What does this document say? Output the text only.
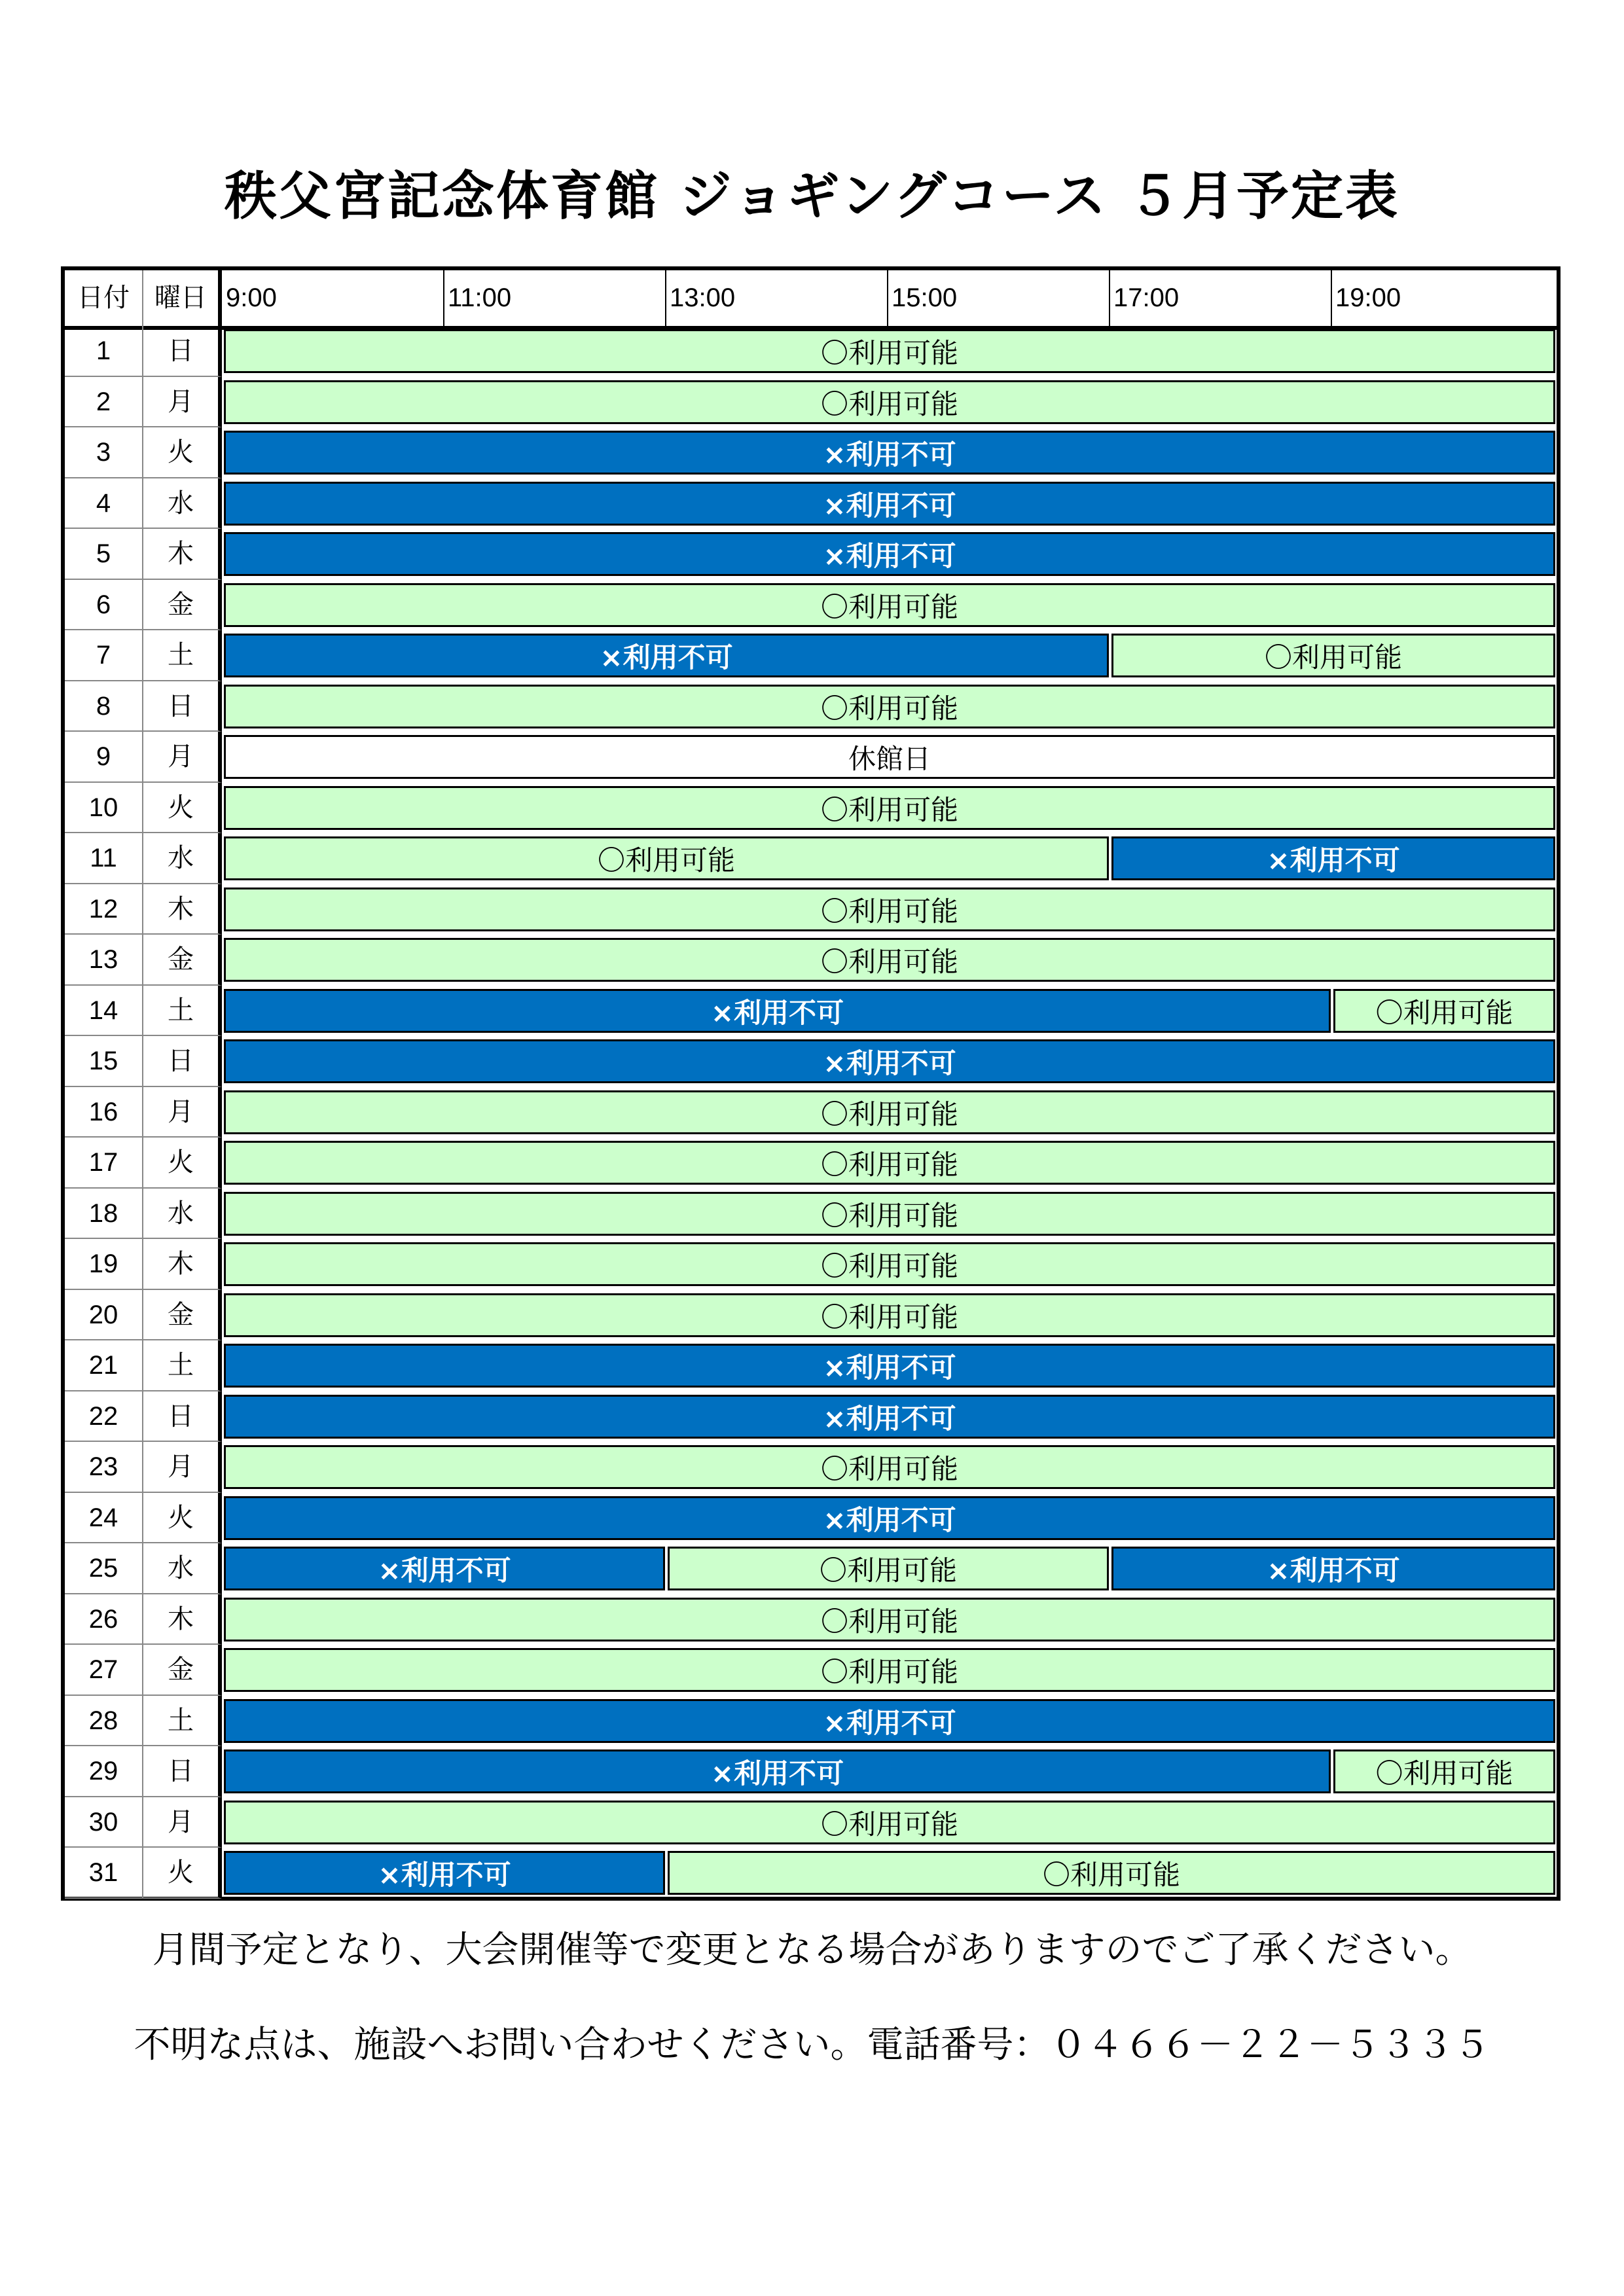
秩父宮記念体育館 ジョギングコース ５月予定表
日付 曜日 9:00	11:00	13:00	15:00	17:00	19:00
1	日	〇利用可能
2	月	〇利用可能
3	火	×利用不可
4	水	×利用不可
5	木	×利用不可
6	金	〇利用可能
7	土	×利用不可	〇利用可能
8	日	〇利用可能
9	月	休館日
10	火	〇利用可能
11	水	〇利用可能	×利用不可
12	木	〇利用可能
13	金	〇利用可能
14	土	×利用不可	〇利用可能
15	日	×利用不可
16	月	〇利用可能
17	火	〇利用可能
18	水	〇利用可能
19	木	〇利用可能
20	金	〇利用可能
21	土	×利用不可
22	日	×利用不可
23	月	〇利用可能
24	火	×利用不可
25	水	×利用不可	〇利用可能	×利用不可
26	木	〇利用可能
27	金	〇利用可能
28	土	×利用不可
29	日	×利用不可	〇利用可能
30	月	〇利用可能
31	火	×利用不可	〇利用可能
月間予定となり、大会開催等で変更となる場合がありますのでご了承ください。
不明な点は、施設へお問い合わせください。電話番号：０４６６－２２－５３３５
